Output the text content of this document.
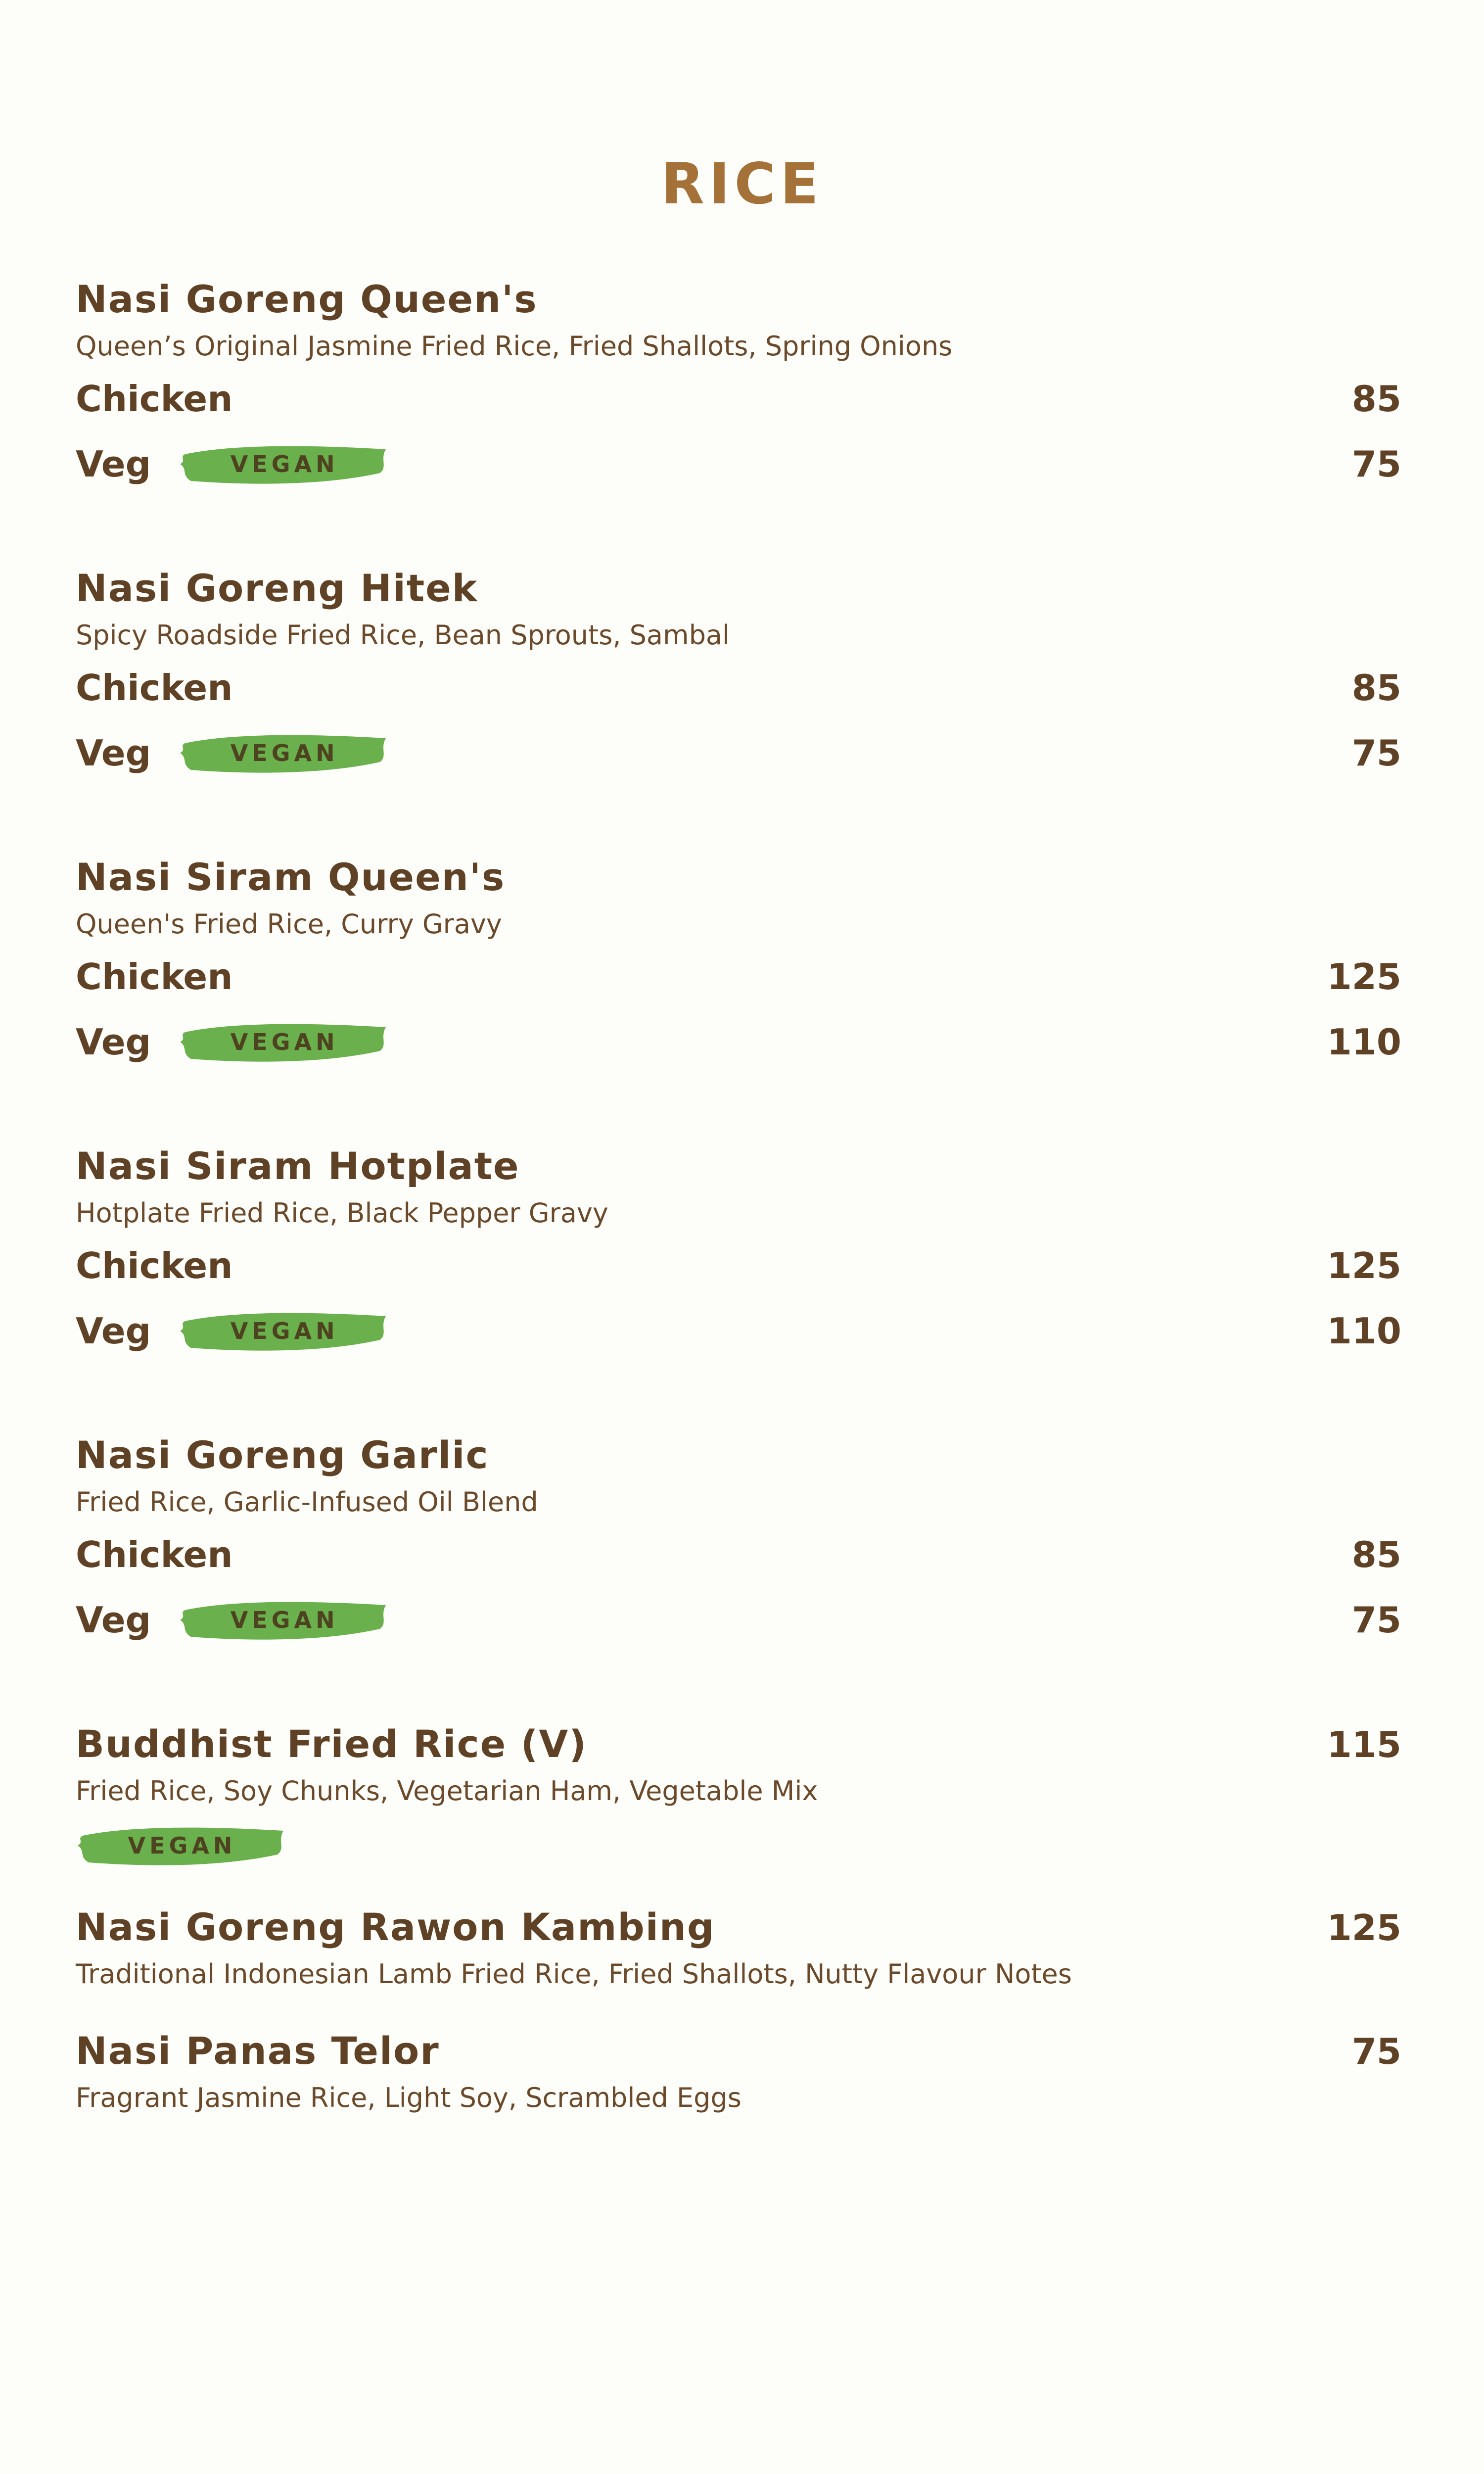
RICE
Nasi Goreng Queen's
Queen’s Original Jasmine Fried Rice, Fried Shallots, Spring Onions
Chicken	85
Veg	VEGAN	75
Nasi Goreng Hitek
Spicy Roadside Fried Rice, Bean Sprouts, Sambal
Chicken	85
Veg	VEGAN	75
Nasi Siram Queen's
Queen's Fried Rice, Curry Gravy
Chicken	125
Veg	VEGAN	110
Nasi Siram Hotplate
Hotplate Fried Rice, Black Pepper Gravy
Chicken	125
Veg	VEGAN	110
Nasi Goreng Garlic
Fried Rice, Garlic-Infused Oil Blend
Chicken	85
Veg	VEGAN	75
Buddhist Fried Rice (V)	115
Fried Rice, Soy Chunks, Vegetarian Ham, Vegetable Mix
VEGAN
Nasi Goreng Rawon Kambing	125
Traditional Indonesian Lamb Fried Rice, Fried Shallots, Nutty Flavour Notes
Nasi Panas Telor	75
Fragrant Jasmine Rice, Light Soy, Scrambled Eggs
